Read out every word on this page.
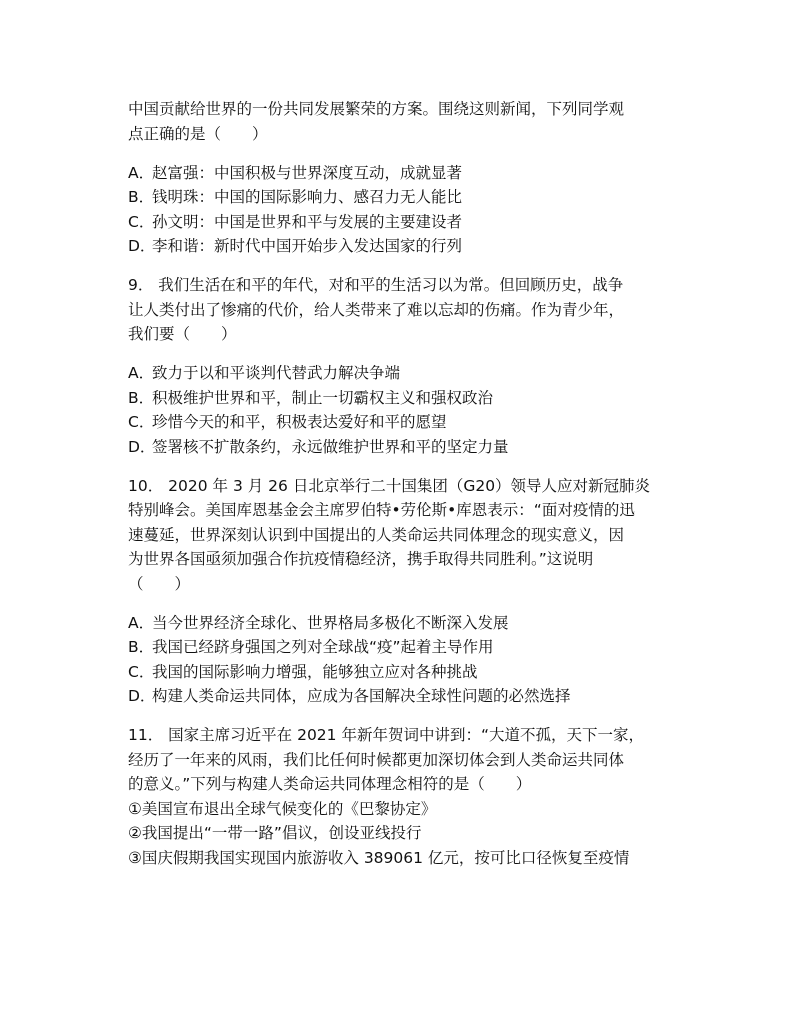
中国贡献给世界的一份共同发展繁荣的方案。围绕这则新闻，下列同学观
点正确的是（　　）
A．赵富强：中国积极与世界深度互动，成就显著
B．钱明珠：中国的国际影响力、感召力无人能比
C．孙文明：中国是世界和平与发展的主要建设者
D．李和谐：新时代中国开始步入发达国家的行列
9． 我们生活在和平的年代，对和平的生活习以为常。但回顾历史，战争
让人类付出了惨痛的代价，给人类带来了难以忘却的伤痛。作为青少年，
我们要（　　）
A．致力于以和平谈判代替武力解决争端
B．积极维护世界和平，制止一切霸权主义和强权政治
C．珍惜今天的和平，积极表达爱好和平的愿望
D．签署核不扩散条约，永远做维护世界和平的坚定力量
10． 2020 年 3 月 26 日北京举行二十国集团（G20）领导人应对新冠肺炎
特别峰会。美国库恩基金会主席罗伯特•劳伦斯•库恩表示：“面对疫情的迅
速蔓延，世界深刻认识到中国提出的人类命运共同体理念的现实意义，因
为世界各国亟须加强合作抗疫情稳经济，携手取得共同胜利。”这说明
（　　）
A．当今世界经济全球化、世界格局多极化不断深入发展
B．我国已经跻身强国之列对全球战“疫”起着主导作用
C．我国的国际影响力增强，能够独立应对各种挑战
D．构建人类命运共同体，应成为各国解决全球性问题的必然选择
11． 国家主席习近平在 2021 年新年贺词中讲到：“大道不孤，天下一家，
经历了一年来的风雨，我们比任何时候都更加深切体会到人类命运共同体
的意义。”下列与构建人类命运共同体理念相符的是（　　）
①美国宣布退出全球气候变化的《巴黎协定》
②我国提出“一带一路”倡议，创设亚线投行
③国庆假期我国实现国内旅游收入 389061 亿元，按可比口径恢复至疫情
